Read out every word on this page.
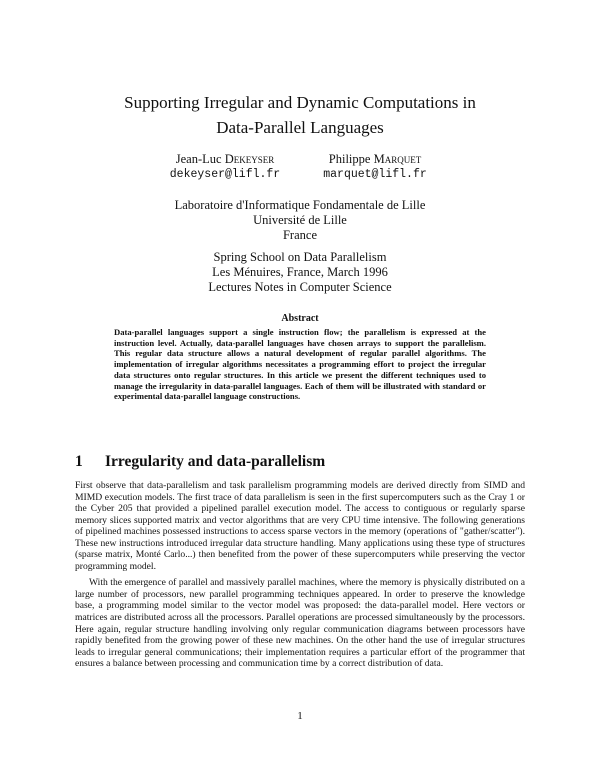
Supporting Irregular and Dynamic Computations in
Data-Parallel Languages
Jean-Luc Dekeyser
dekeyser@lifl.fr
Philippe Marquet
marquet@lifl.fr
Laboratoire d'Informatique Fondamentale de Lille
Université de Lille
France
Spring School on Data Parallelism
Les Ménuires, France, March 1996
Lectures Notes in Computer Science
Abstract
Data-parallel languages support a single instruction flow; the parallelism is expressed at the instruction level. Actually, data-parallel languages have chosen arrays to support the parallelism. This regular data structure allows a natural development of regular parallel algorithms. The implementation of irregular algorithms necessitates a programming effort to project the irregular data structures onto regular structures. In this article we present the different techniques used to manage the irregularity in data-parallel languages. Each of them will be illustrated with standard or experimental data-parallel language constructions.
1 Irregularity and data-parallelism

First observe that data-parallelism and task parallelism programming models are derived directly from SIMD and MIMD execution models. The first trace of data parallelism is seen in the first supercomputers such as the Cray 1 or the Cyber 205 that provided a pipelined parallel execution model. The access to contiguous or regularly sparse memory slices supported matrix and vector algorithms that are very CPU time intensive. The following generations of pipelined machines possessed instructions to access sparse vectors in the memory (operations of "gather/scatter"). These new instructions introduced irregular data structure handling. Many applications using these type of structures (sparse matrix, Monté Carlo...) then benefited from the power of these supercomputers while preserving the vector programming model.

With the emergence of parallel and massively parallel machines, where the memory is physically distributed on a large number of processors, new parallel programming techniques appeared. In order to preserve the knowledge base, a programming model similar to the vector model was proposed: the data-parallel model. Here vectors or matrices are distributed across all the processors. Parallel operations are processed simultaneously by the processors. Here again, regular structure handling involving only regular communication diagrams between processors have rapidly benefited from the growing power of these new machines. On the other hand the use of irregular structures leads to irregular general communications; their implementation requires a particular effort of the programmer that ensures a balance between processing and communication time by a correct distribution of data.

1
